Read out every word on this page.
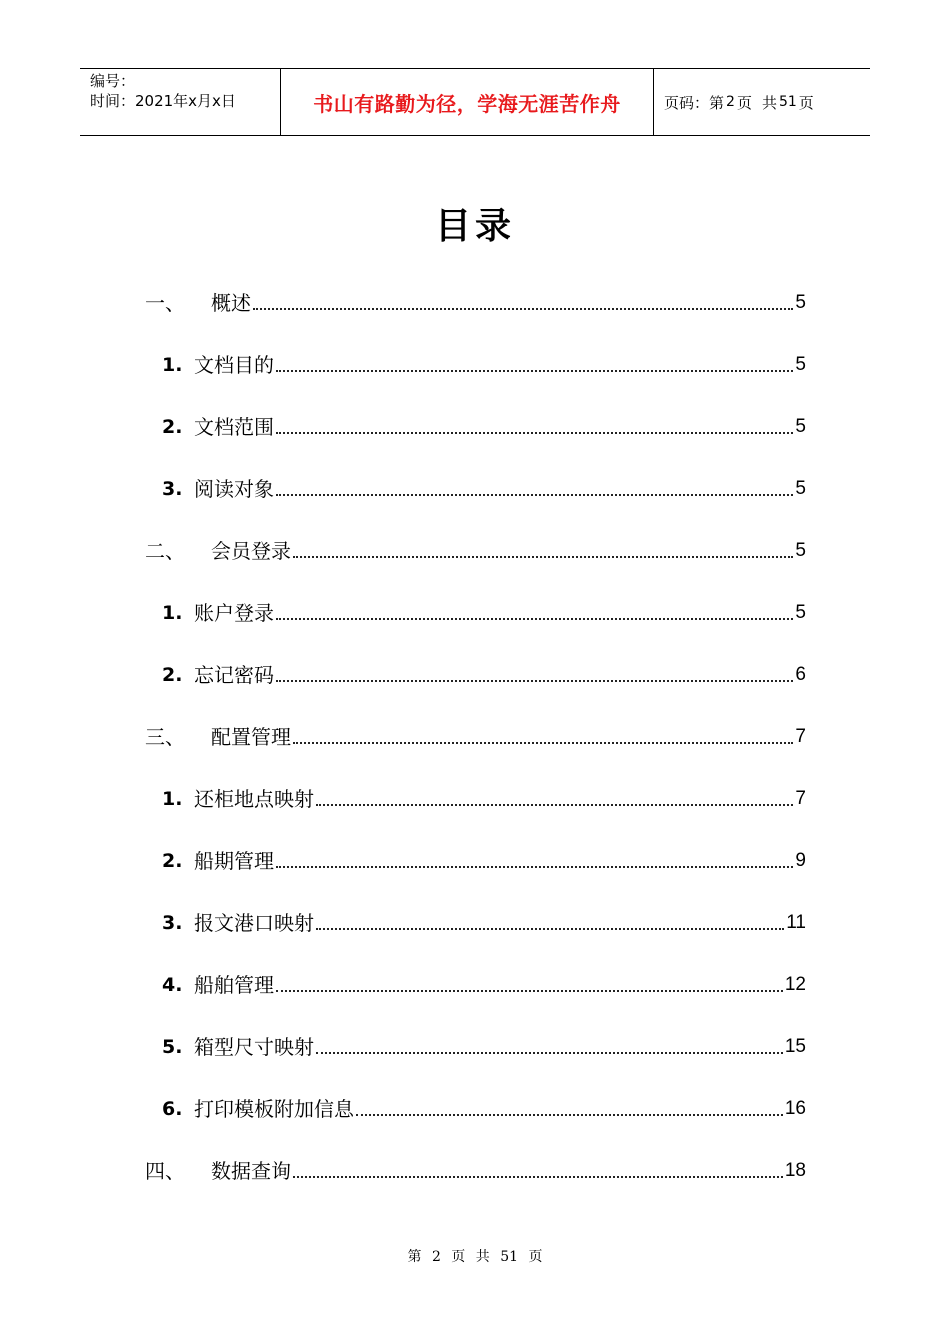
编号：
时间：2021年x月x日	书山有路勤为径，学海无涯苦作舟	页码：第 2 页 共 51 页
目录
一、 概述	5
1. 文档目的	5
2. 文档范围	5
3. 阅读对象	5
二、 会员登录	5
1. 账户登录	5
2. 忘记密码	6
三、 配置管理	7
1. 还柜地点映射	7
2. 船期管理	9
3. 报文港口映射	11
4. 船舶管理	12
5. 箱型尺寸映射	15
6. 打印模板附加信息	16
四、 数据查询	18
第 2 页 共 51 页
